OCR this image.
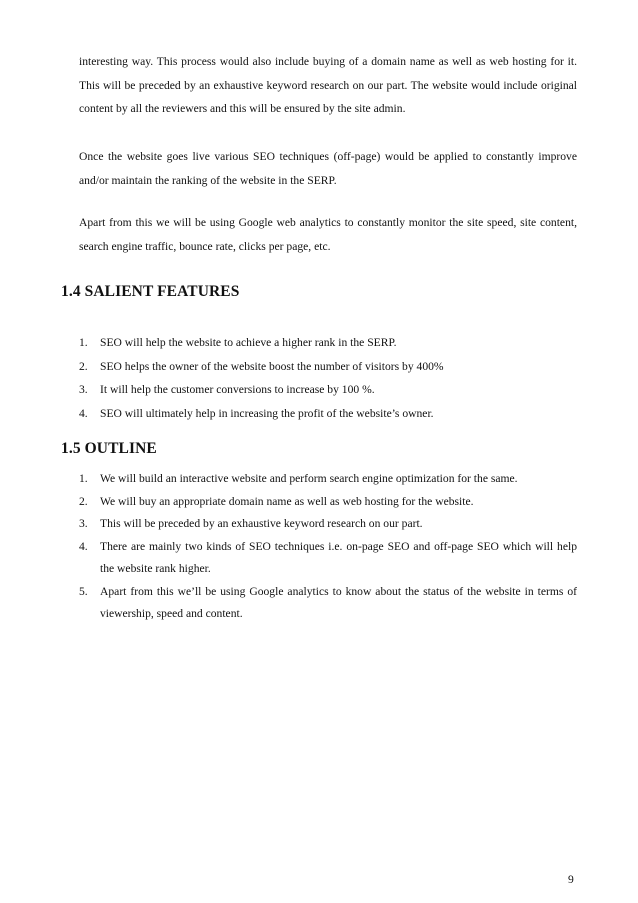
interesting way. This process would also include buying of a domain name as well as web hosting for it. This will be preceded by an exhaustive keyword research on our part. The website would include original content by all the reviewers and this will be ensured by the site admin.

Once the website goes live various SEO techniques (off-page) would be applied to constantly improve and/or maintain the ranking of the website in the SERP.

Apart from this we will be using Google web analytics to constantly monitor the site speed, site content, search engine traffic, bounce rate, clicks per page, etc.

1.4 SALIENT FEATURES
1. SEO will help the website to achieve a higher rank in the SERP.
2. SEO helps the owner of the website boost the number of visitors by 400%
3. It will help the customer conversions to increase by 100 %.
4. SEO will ultimately help in increasing the profit of the website’s owner.
1.5 OUTLINE
1. We will build an interactive website and perform search engine optimization for the same.
2. We will buy an appropriate domain name as well as web hosting for the website.
3. This will be preceded by an exhaustive keyword research on our part.
4. There are mainly two kinds of SEO techniques i.e. on-page SEO and off-page SEO which will help the website rank higher.
5. Apart from this we’ll be using Google analytics to know about the status of the website in terms of viewership, speed and content.
9
